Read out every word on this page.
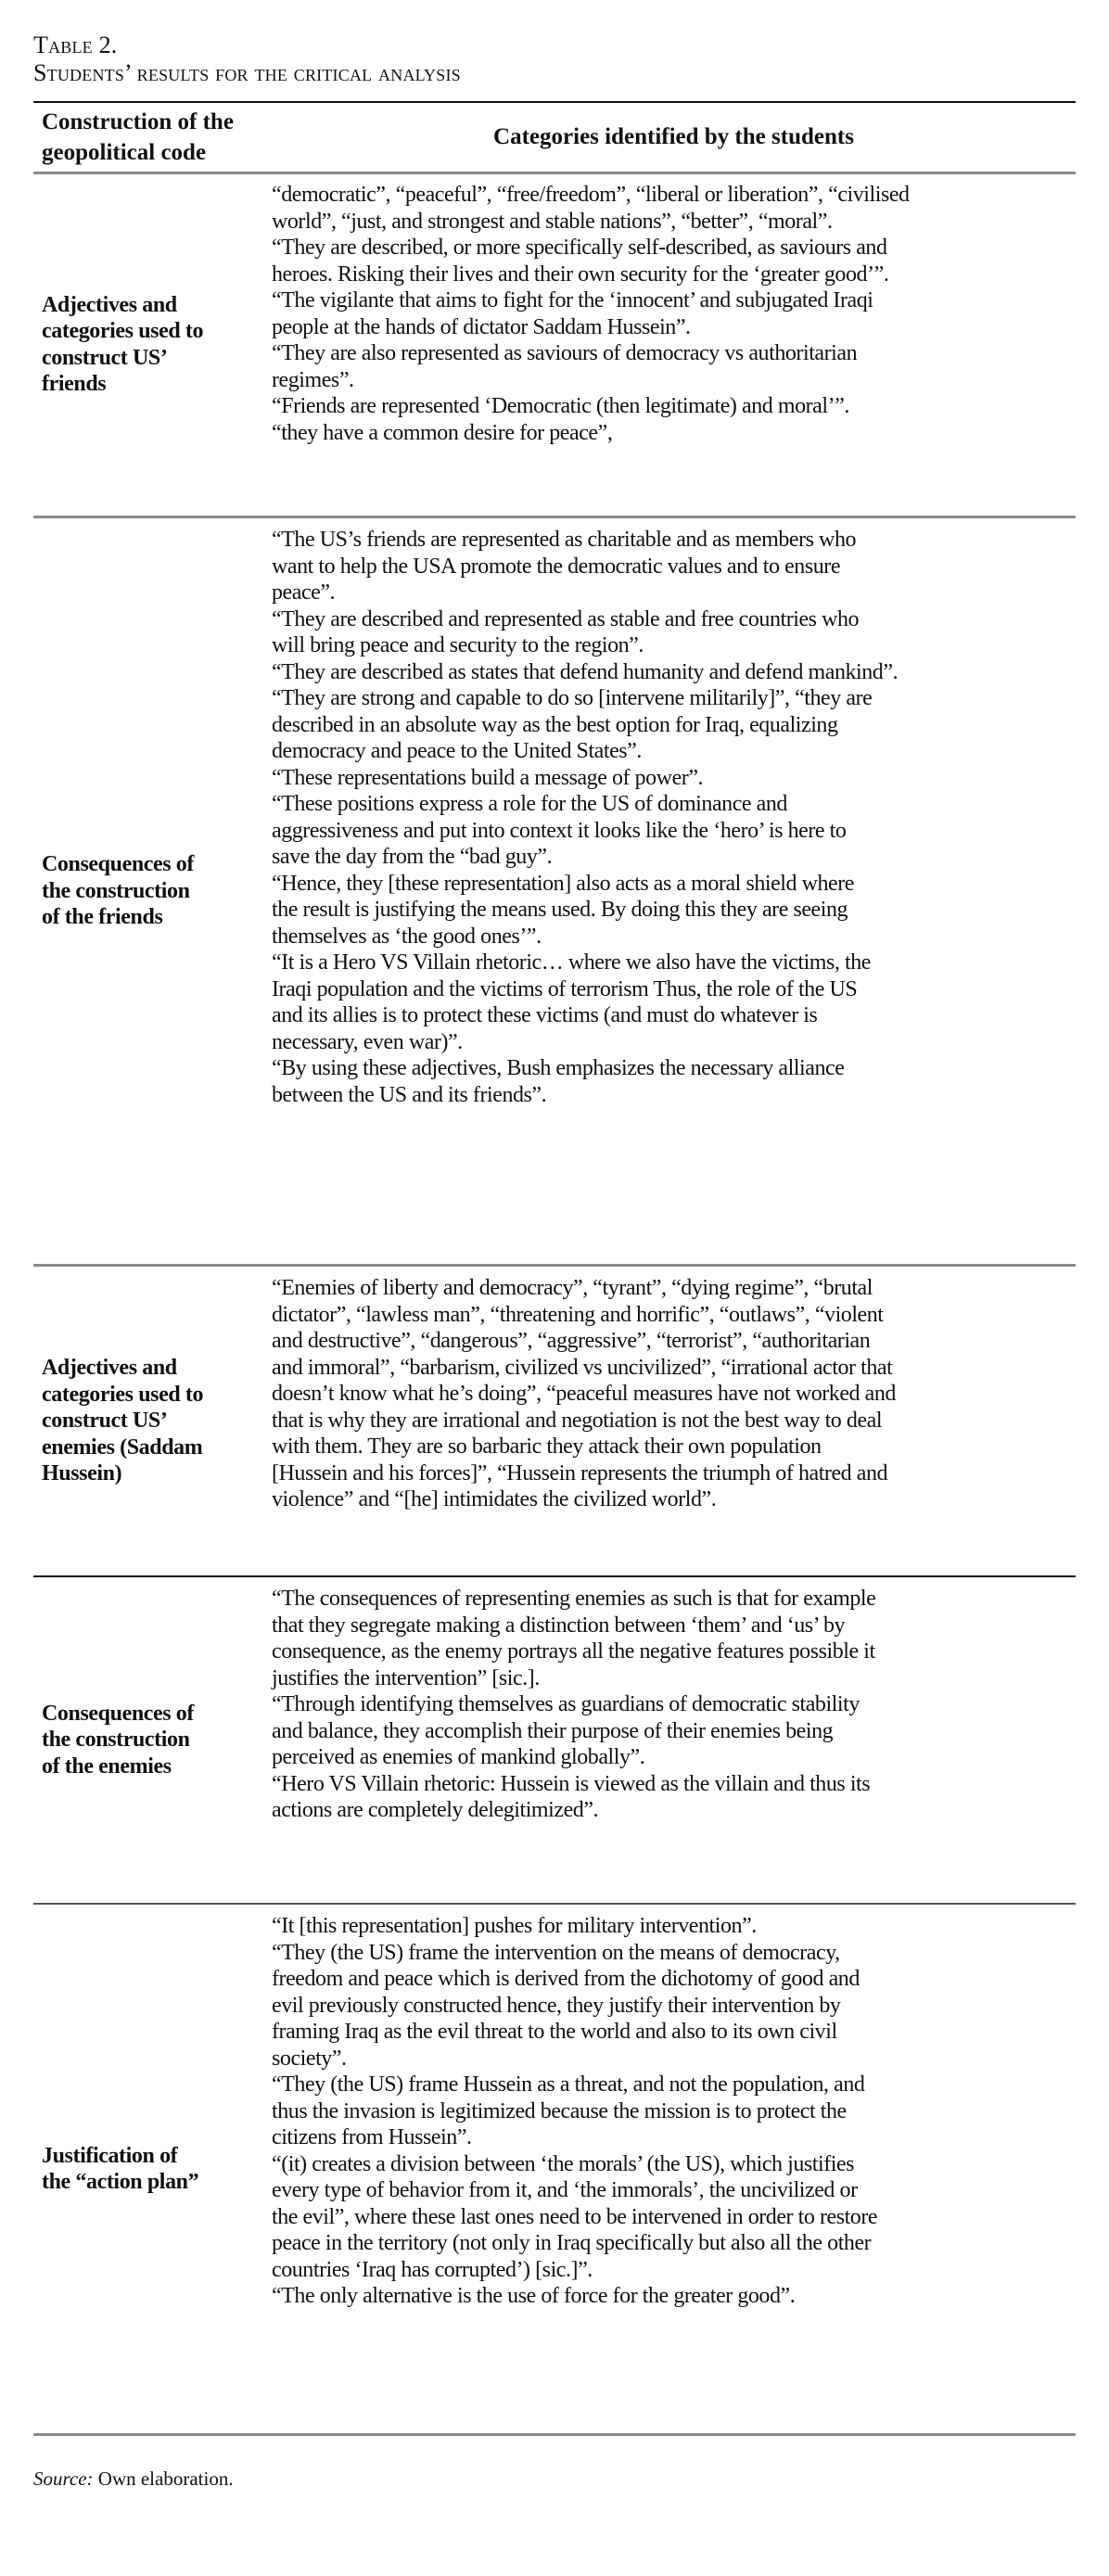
Table 2.
Students’ results for the critical analysis
Construction of the
geopolitical code
Categories identified by the students
Adjectives and
categories used to
construct US’
friends
“democratic”, “peaceful”, “free/freedom”, “liberal or liberation”, “civilised
world”, “just, and strongest and stable nations”, “better”, “moral”.
“They are described, or more specifically self-described, as saviours and
heroes. Risking their lives and their own security for the ‘greater good’”.
“The vigilante that aims to fight for the ‘innocent’ and subjugated Iraqi
people at the hands of dictator Saddam Hussein”.
“They are also represented as saviours of democracy vs authoritarian
regimes”.
“Friends are represented ‘Democratic (then legitimate) and moral’”.
“they have a common desire for peace”,
Consequences of
the construction
of the friends
“The US’s friends are represented as charitable and as members who
want to help the USA promote the democratic values and to ensure
peace”.
“They are described and represented as stable and free countries who
will bring peace and security to the region”.
“They are described as states that defend humanity and defend mankind”.
“They are strong and capable to do so [intervene militarily]”, “they are
described in an absolute way as the best option for Iraq, equalizing
democracy and peace to the United States”.
“These representations build a message of power”.
“These positions express a role for the US of dominance and
aggressiveness and put into context it looks like the ‘hero’ is here to
save the day from the “bad guy”.
“Hence, they [these representation] also acts as a moral shield where
the result is justifying the means used. By doing this they are seeing
themselves as ‘the good ones’”.
“It is a Hero VS Villain rhetoric… where we also have the victims, the
Iraqi population and the victims of terrorism Thus, the role of the US
and its allies is to protect these victims (and must do whatever is
necessary, even war)”.
“By using these adjectives, Bush emphasizes the necessary alliance
between the US and its friends”.
Adjectives and
categories used to
construct US’
enemies (Saddam
Hussein)
“Enemies of liberty and democracy”, “tyrant”, “dying regime”, “brutal
dictator”, “lawless man”, “threatening and horrific”, “outlaws”, “violent
and destructive”, “dangerous”, “aggressive”, “terrorist”, “authoritarian
and immoral”, “barbarism, civilized vs uncivilized”, “irrational actor that
doesn’t know what he’s doing”, “peaceful measures have not worked and
that is why they are irrational and negotiation is not the best way to deal
with them. They are so barbaric they attack their own population
[Hussein and his forces]”, “Hussein represents the triumph of hatred and
violence” and “[he] intimidates the civilized world”.
Consequences of
the construction
of the enemies
“The consequences of representing enemies as such is that for example
that they segregate making a distinction between ‘them’ and ‘us’ by
consequence, as the enemy portrays all the negative features possible it
justifies the intervention” [sic.].
“Through identifying themselves as guardians of democratic stability
and balance, they accomplish their purpose of their enemies being
perceived as enemies of mankind globally”.
“Hero VS Villain rhetoric: Hussein is viewed as the villain and thus its
actions are completely delegitimized”.
Justification of
the “action plan”
“It [this representation] pushes for military intervention”.
“They (the US) frame the intervention on the means of democracy,
freedom and peace which is derived from the dichotomy of good and
evil previously constructed hence, they justify their intervention by
framing Iraq as the evil threat to the world and also to its own civil
society”.
“They (the US) frame Hussein as a threat, and not the population, and
thus the invasion is legitimized because the mission is to protect the
citizens from Hussein”.
“(it) creates a division between ‘the morals’ (the US), which justifies
every type of behavior from it, and ‘the immorals’, the uncivilized or
the evil”, where these last ones need to be intervened in order to restore
peace in the territory (not only in Iraq specifically but also all the other
countries ‘Iraq has corrupted’) [sic.]”.
“The only alternative is the use of force for the greater good”.
Source: Own elaboration.
